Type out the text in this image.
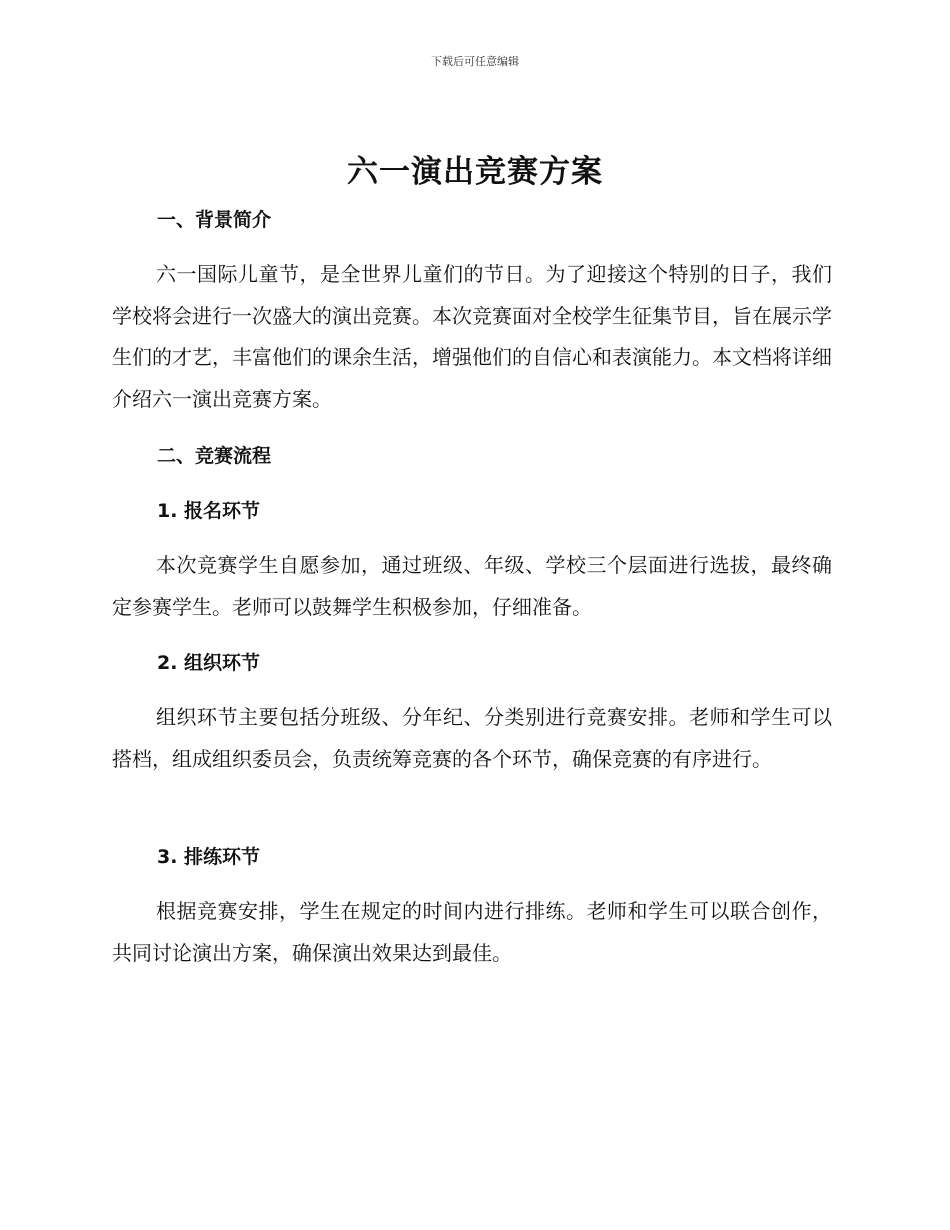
下载后可任意编辑
六一演出竞赛方案
一、背景简介

六一国际儿童节，是全世界儿童们的节日。为了迎接这个特别的日子，我们学校将会进行一次盛大的演出竞赛。本次竞赛面对全校学生征集节目，旨在展示学生们的才艺，丰富他们的课余生活，增强他们的自信心和表演能力。本文档将详细介绍六一演出竞赛方案。

二、竞赛流程
1. 报名环节

本次竞赛学生自愿参加，通过班级、年级、学校三个层面进行选拔，最终确定参赛学生。老师可以鼓舞学生积极参加，仔细准备。

2. 组织环节

组织环节主要包括分班级、分年纪、分类别进行竞赛安排。老师和学生可以搭档，组成组织委员会，负责统筹竞赛的各个环节，确保竞赛的有序进行。

3. 排练环节

根据竞赛安排，学生在规定的时间内进行排练。老师和学生可以联合创作，共同讨论演出方案，确保演出效果达到最佳。
